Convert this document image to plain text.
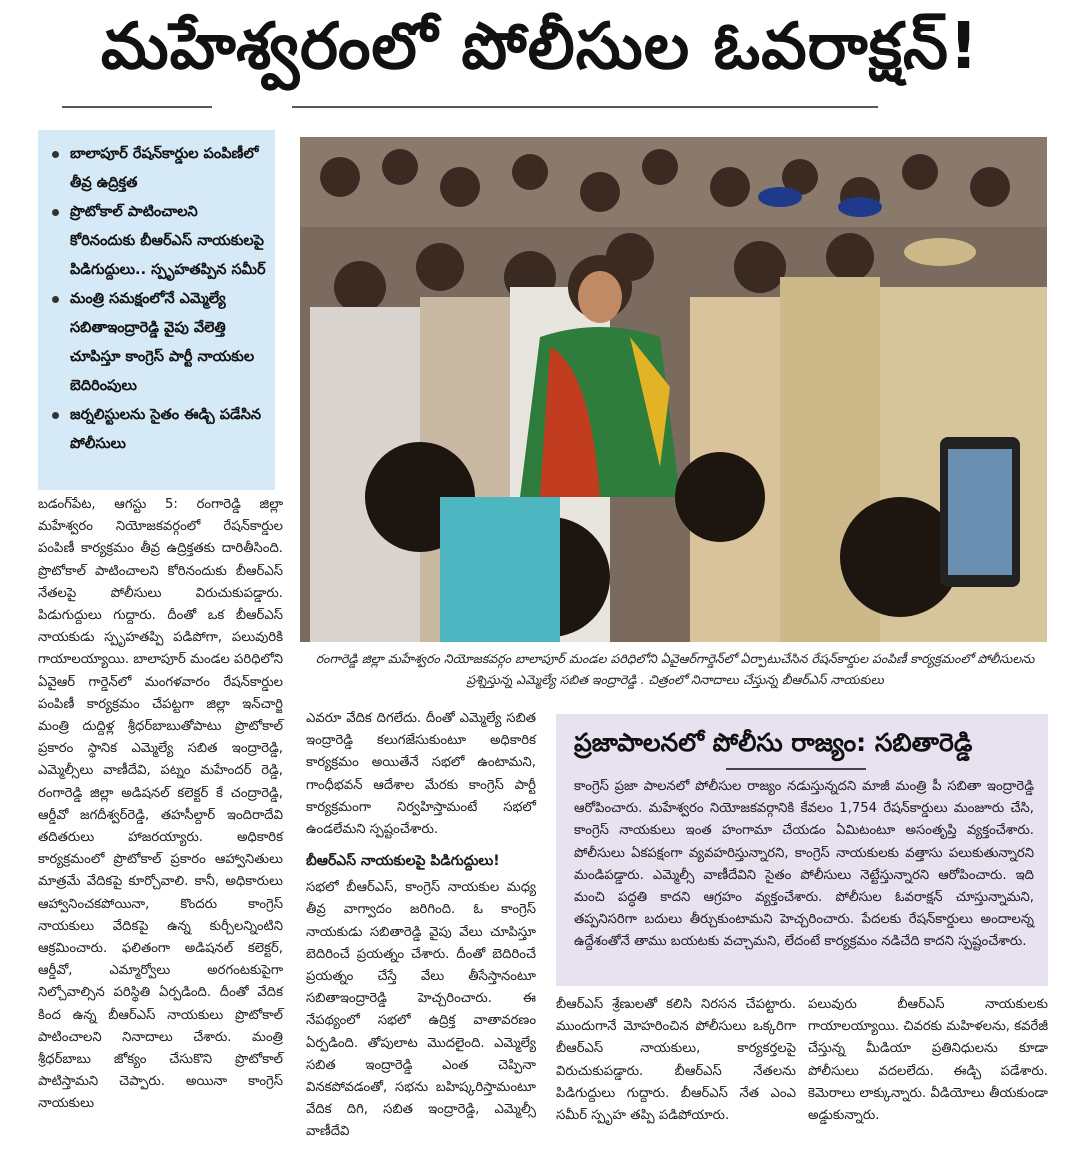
మహేశ్వరంలో పోలీసుల ఓవరాక్షన్!
బాలాపూర్ రేషన్‌కార్డుల పంపిణీలో తీవ్ర ఉద్రిక్తత
ప్రొటోకాల్ పాటించాలని కోరినందుకు బీఆర్ఎస్ నాయకులపై పిడిగుద్దులు.. స్పృహతప్పిన సమీర్
మంత్రి సమక్షంలోనే ఎమ్మెల్యే సబితాఇంద్రారెడ్డి వైపు వేలెత్తి చూపిస్తూ కాంగ్రెస్ పార్టీ నాయకుల బెదిరింపులు
జర్నలిస్టులను సైతం ఈడ్చి పడేసిన పోలీసులు
రంగారెడ్డి జిల్లా మహేశ్వరం నియోజకవర్గం బాలాపూర్ మండల పరిధిలోని ఏవైఆర్‌గార్డెన్‌లో ఏర్పాటుచేసిన రేషన్‌కార్డుల పంపిణీ కార్యక్రమంలో పోలీసులను ప్రశ్నిస్తున్న ఎమ్మెల్యే సబిత ఇంద్రారెడ్డి . చిత్రంలో నినాదాలు చేస్తున్న బీఆర్ఎస్ నాయకులు

బడంగ్‌పేట, ఆగస్టు 5: రంగారెడ్డి జిల్లా మహేశ్వరం నియోజకవర్గంలో రేషన్‌కార్డుల పంపిణీ కార్యక్రమం తీవ్ర ఉద్రిక్తతకు దారితీసింది. ప్రొటోకాల్ పాటించాలని కోరినందుకు బీఆర్ఎస్ నేతలపై పోలీసులు విరుచుకుపడ్డారు. పిడుగుద్దులు గుద్దారు. దీంతో ఒక బీఆర్ఎస్ నాయకుడు స్పృహతప్పి పడిపోగా, పలువురికి గాయాలయ్యాయి. బాలాపూర్ మండల పరిధిలోని ఏవైఆర్ గార్డెన్‌లో మంగళవారం రేషన్‌కార్డుల పంపిణీ కార్యక్రమం చేపట్టగా జిల్లా ఇన్‌చార్జి మంత్రి దుద్దిళ్ల శ్రీధర్‌బాబుతోపాటు ప్రొటోకాల్ ప్రకారం స్థానిక ఎమ్మెల్యే సబిత ఇంద్రారెడ్డి, ఎమ్మెల్సీలు వాణీదేవి, పట్నం మహేందర్ రెడ్డి, రంగారెడ్డి జిల్లా అడిషనల్ కలెక్టర్ కే చంద్రారెడ్డి, ఆర్డీవో జగదీశ్వర్‌రెడ్డి, తహసీల్దార్ ఇందిరాదేవి తదితరులు హాజరయ్యారు. అధికారిక కార్యక్రమంలో ప్రొటోకాల్ ప్రకారం ఆహ్వానితులు మాత్రమే వేదికపై కూర్చోవాలి. కానీ, అధికారులు ఆహ్వానించకపోయినా, కొందరు కాంగ్రెస్ నాయకులు వేదికపై ఉన్న కుర్చీలన్నింటిని ఆక్రమించారు. ఫలితంగా అడిషనల్ కలెక్టర్, ఆర్డీవో, ఎమ్మార్వోలు అరగంటకుపైగా నిల్చోవాల్సిన పరిస్థితి ఏర్పడింది. దీంతో వేదిక కింద ఉన్న బీఆర్ఎస్ నాయకులు ప్రొటోకాల్ పాటించాలని నినాదాలు చేశారు. మంత్రి శ్రీధర్‌బాబు జోక్యం చేసుకొని ప్రొటోకాల్ పాటిస్తామని చెప్పారు. అయినా కాంగ్రెస్ నాయకులు

ఎవరూ వేదిక దిగలేదు. దీంతో ఎమ్మెల్యే సబిత ఇంద్రారెడ్డి కలుగజేసుకుంటూ అధికారిక కార్యక్రమం అయితేనే సభలో ఉంటామని, గాంధీభవన్ ఆదేశాల మేరకు కాంగ్రెస్ పార్టీ కార్యక్రమంగా నిర్వహిస్తామంటే సభలో ఉండలేమని స్పష్టంచేశారు.

బీఆర్ఎస్ నాయకులపై పిడిగుద్దులు!

సభలో బీఆర్ఎస్, కాంగ్రెస్ నాయకుల మధ్య తీవ్ర వాగ్వాదం జరిగింది. ఓ కాంగ్రెస్ నాయకుడు సబితారెడ్డి వైపు వేలు చూపిస్తూ బెదిరించే ప్రయత్నం చేశారు. దీంతో బెదిరించే ప్రయత్నం చేస్తే వేలు తీసేస్తానంటూ సబితాఇంద్రారెడ్డి హెచ్చరించారు. ఈ నేపథ్యంలో సభలో ఉద్రిక్త వాతావరణం ఏర్పడింది. తోపులాట మొదలైంది. ఎమ్మెల్యే సబిత ఇంద్రారెడ్డి ఎంత చెప్పినా వినకపోవడంతో, సభను బహిష్కరిస్తామంటూ వేదిక దిగి, సబిత ఇంద్రారెడ్డి, ఎమ్మెల్సీ వాణీదేవి

ప్రజాపాలనలో పోలీసు రాజ్యం: సబితారెడ్డి
కాంగ్రెస్ ప్రజా పాలనలో పోలీసుల రాజ్యం నడుస్తున్నదని మాజీ మంత్రి పీ సబితా ఇంద్రారెడ్డి ఆరోపించారు. మహేశ్వరం నియోజకవర్గానికి కేవలం 1,754 రేషన్‌కార్డులు మంజూరు చేసి, కాంగ్రెస్ నాయకులు ఇంత హంగామా చేయడం ఏమిటంటూ అసంతృప్తి వ్యక్తంచేశారు. పోలీసులు ఏకపక్షంగా వ్యవహరిస్తున్నారని, కాంగ్రెస్ నాయకులకు వత్తాసు పలుకుతున్నారని మండిపడ్డారు. ఎమ్మెల్సీ వాణీదేవిని సైతం పోలీసులు నెట్టేస్తున్నారని ఆరోపించారు. ఇది మంచి పద్ధతి కాదని ఆగ్రహం వ్యక్తంచేశారు. పోలీసుల ఓవరాక్షన్ చూస్తున్నామని, తప్పనిసరిగా బదులు తీర్చుకుంటామని హెచ్చరించారు. పేదలకు రేషన్‌కార్డులు అందాలన్న ఉద్దేశంతోనే తాము బయటకు వచ్చామని, లేదంటే కార్యక్రమం నడిచేది కాదని స్పష్టంచేశారు.

బీఆర్ఎస్ శ్రేణులతో కలిసి నిరసన చేపట్టారు. ముందుగానే మోహరించిన పోలీసులు ఒక్కరిగా బీఆర్ఎస్ నాయకులు, కార్యకర్తలపై విరుచుకుపడ్డారు. బీఆర్ఎస్ నేతలను పిడిగుద్దులు గుద్దారు. బీఆర్ఎస్ నేత ఎంఎ సమీర్ స్పృహ తప్పి పడిపోయారు.

పలువురు బీఆర్ఎస్ నాయకులకు గాయాలయ్యాయి. చివరకు మహిళలను, కవరేజీ చేస్తున్న మీడియా ప్రతినిధులను కూడా పోలీసులు వదలలేదు. ఈడ్చి పడేశారు. కెమెరాలు లాక్కున్నారు. వీడియోలు తీయకుండా అడ్డుకున్నారు.
